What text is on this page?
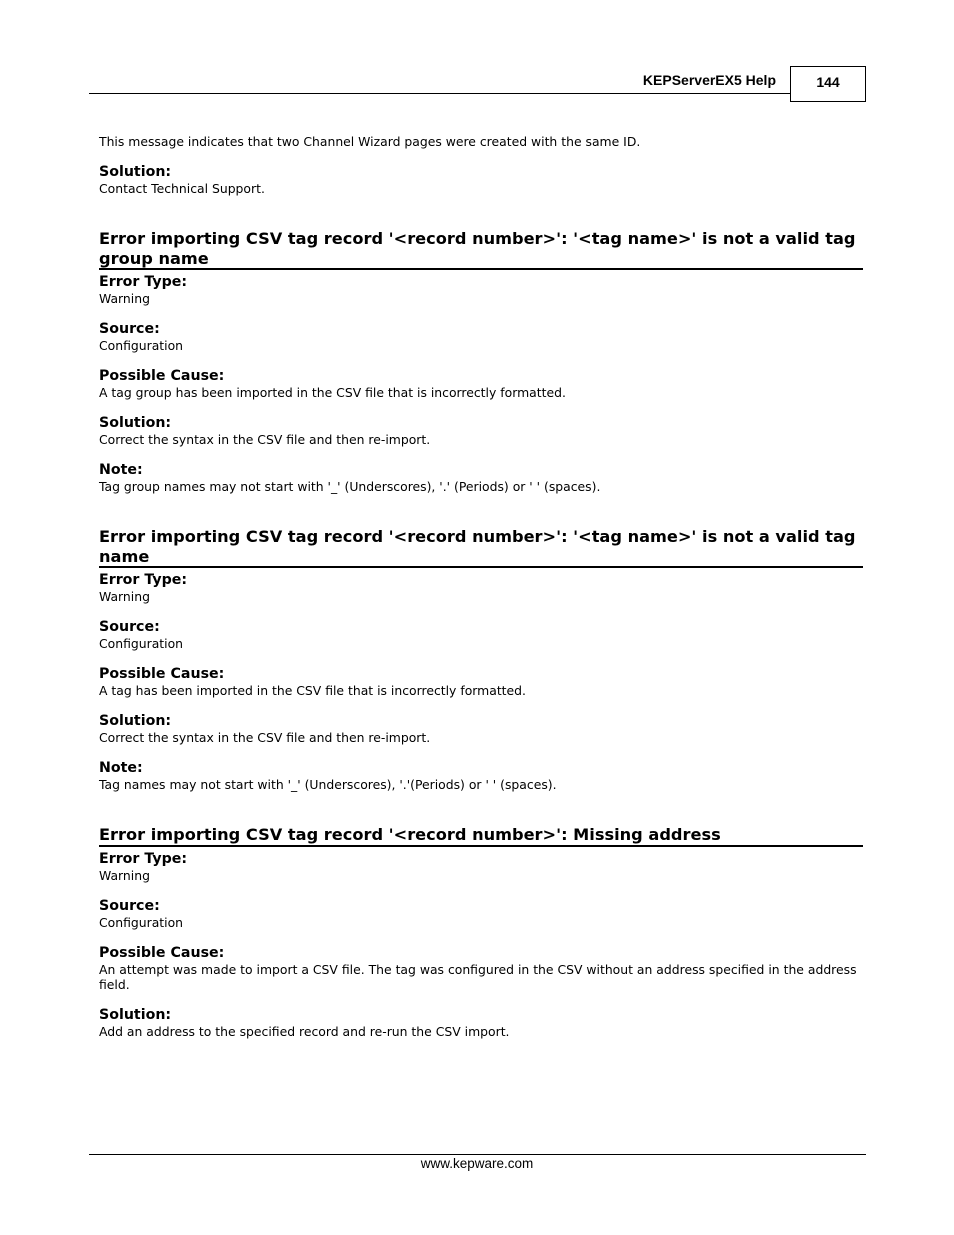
KEPServerEX5 Help	144

This message indicates that two Channel Wizard pages were created with the same ID.

Solution:

Contact Technical Support.

Error importing CSV tag record '<record number>': '<tag name>' is not a valid tag group name
Error Type:

Warning

Source:

Configuration

Possible Cause:

A tag group has been imported in the CSV file that is incorrectly formatted.

Solution:

Correct the syntax in the CSV file and then re-import.

Note:

Tag group names may not start with '_' (Underscores), '.' (Periods) or ' ' (spaces).

Error importing CSV tag record '<record number>': '<tag name>' is not a valid tag name
Error Type:

Warning

Source:

Configuration

Possible Cause:

A tag has been imported in the CSV file that is incorrectly formatted.

Solution:

Correct the syntax in the CSV file and then re-import.

Note:

Tag names may not start with '_' (Underscores), '.'(Periods) or ' ' (spaces).

Error importing CSV tag record '<record number>': Missing address
Error Type:

Warning

Source:

Configuration

Possible Cause:

An attempt was made to import a CSV file. The tag was configured in the CSV without an address specified in the address field.

Solution:

Add an address to the specified record and re-run the CSV import.

www.kepware.com
